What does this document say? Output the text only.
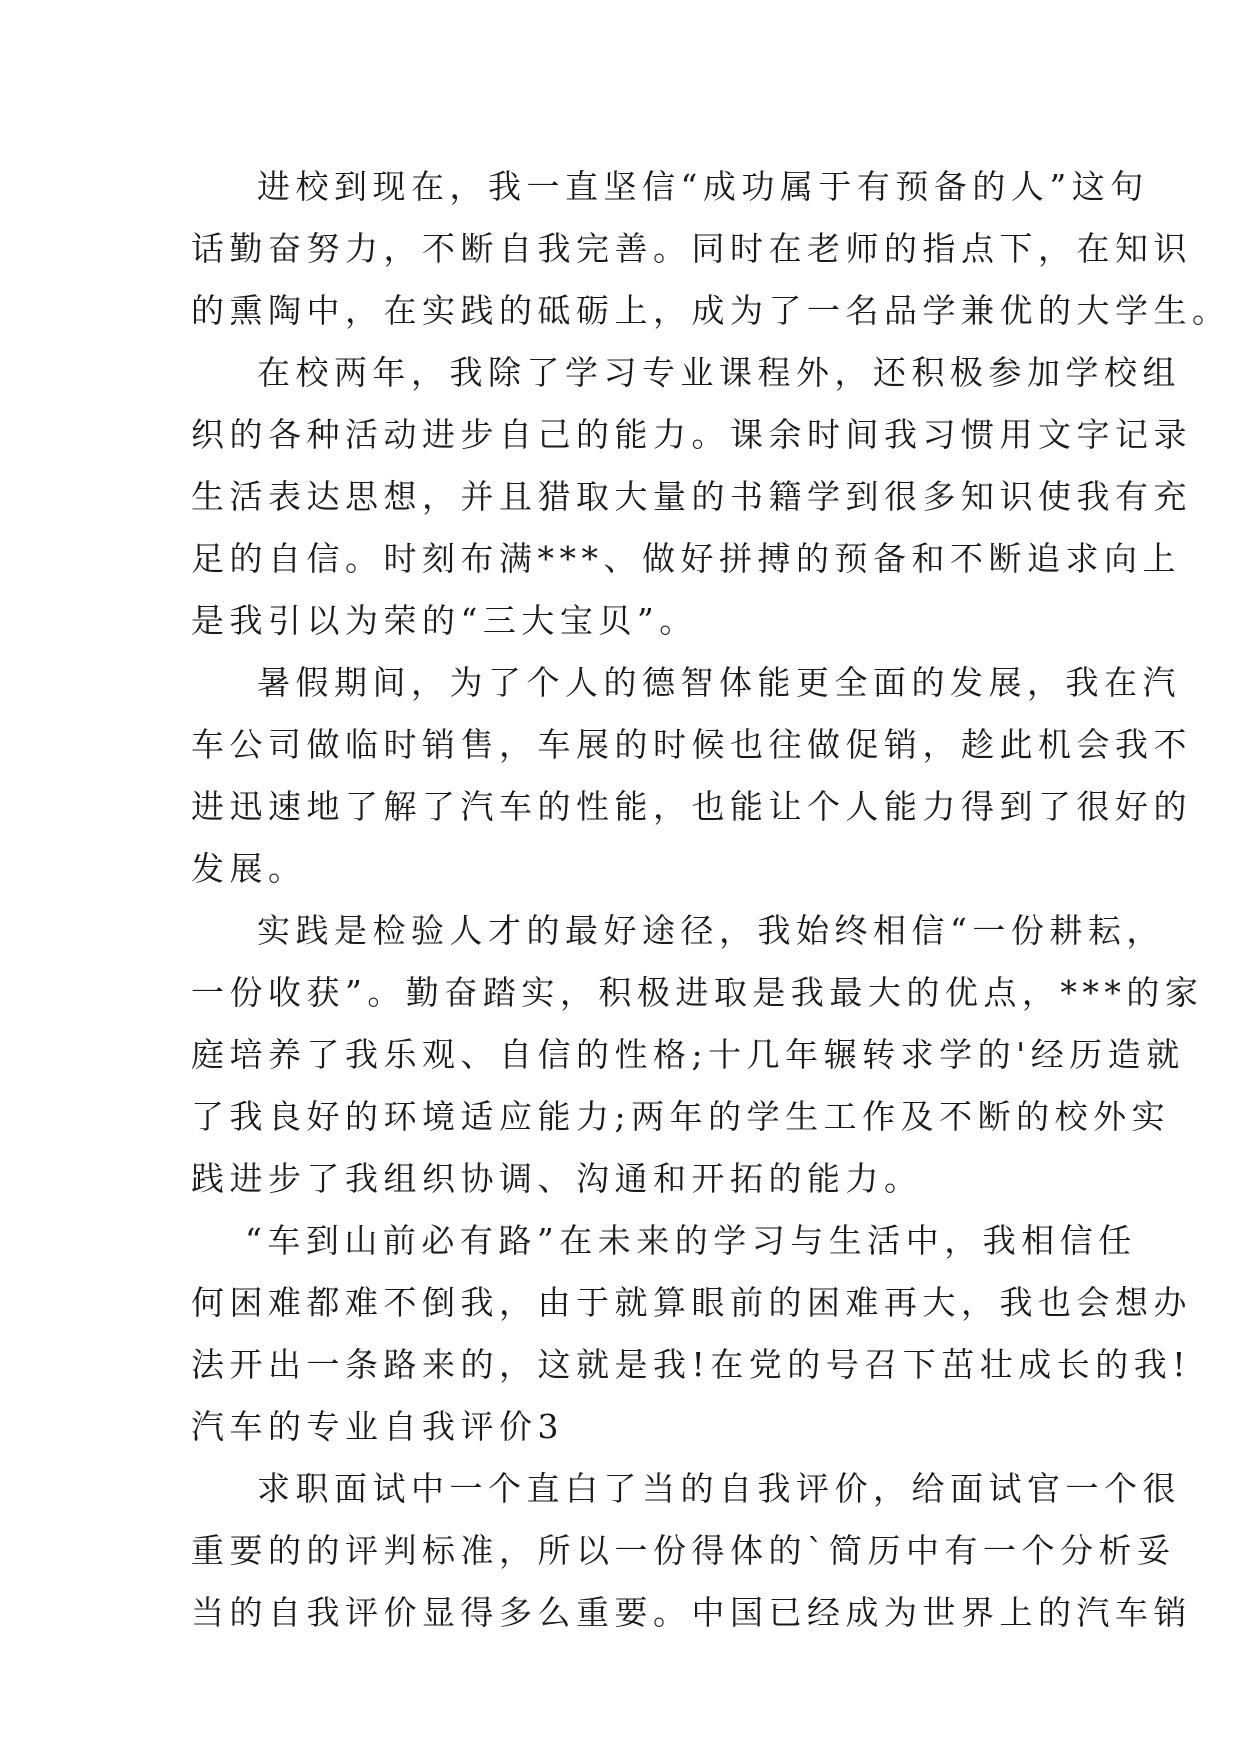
进校到现在，我一直坚信“成功属于有预备的人”这句
话勤奋努力，不断自我完善。同时在老师的指点下，在知识
的熏陶中，在实践的砥砺上，成为了一名品学兼优的大学生。
在校两年，我除了学习专业课程外，还积极参加学校组
织的各种活动进步自己的能力。课余时间我习惯用文字记录
生活表达思想，并且猎取大量的书籍学到很多知识使我有充
足的自信。时刻布满***、做好拼搏的预备和不断追求向上
是我引以为荣的“三大宝贝”。
暑假期间，为了个人的德智体能更全面的发展，我在汽
车公司做临时销售，车展的时候也往做促销，趁此机会我不
进迅速地了解了汽车的性能，也能让个人能力得到了很好的
发展。
实践是检验人才的最好途径，我始终相信“一份耕耘，
一份收获”。勤奋踏实，积极进取是我最大的优点，***的家
庭培养了我乐观、自信的性格;十几年辗转求学的'经历造就
了我良好的环境适应能力;两年的学生工作及不断的校外实
践进步了我组织协调、沟通和开拓的能力。
“车到山前必有路”在未来的学习与生活中，我相信任
何困难都难不倒我，由于就算眼前的困难再大，我也会想办
法开出一条路来的，这就是我!在党的号召下茁壮成长的我!
汽车的专业自我评价3
求职面试中一个直白了当的自我评价，给面试官一个很
重要的的评判标准，所以一份得体的`简历中有一个分析妥
当的自我评价显得多么重要。中国已经成为世界上的汽车销
